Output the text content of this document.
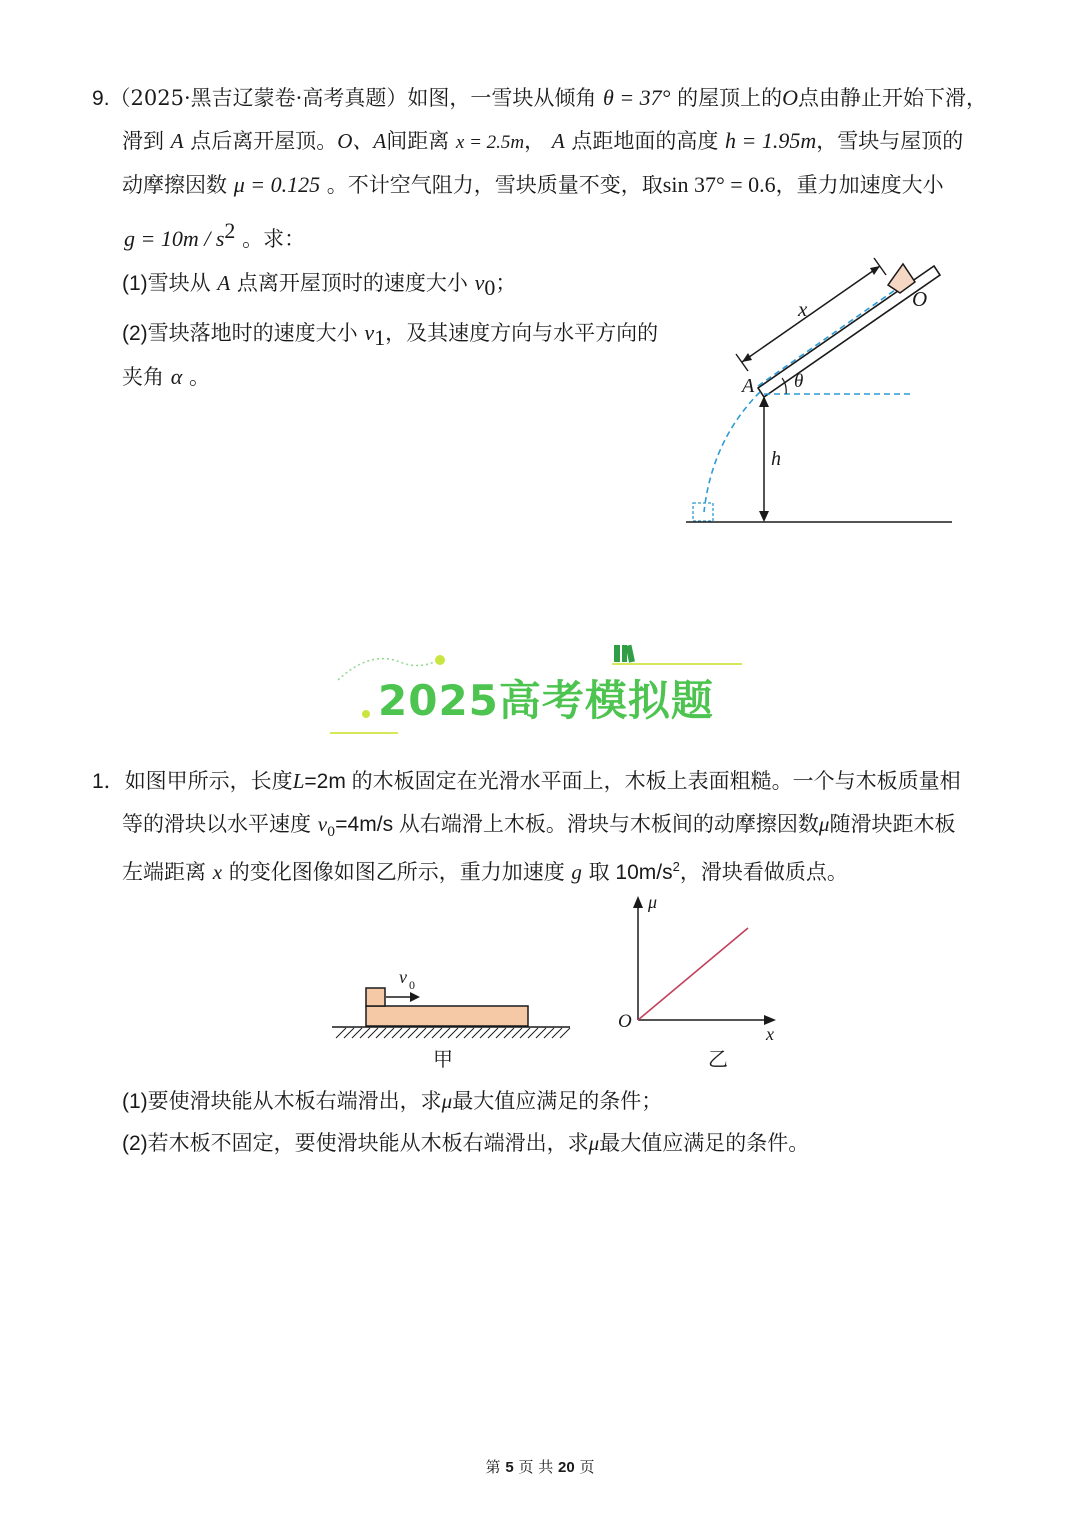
9.（2025·黑吉辽蒙卷·高考真题）如图，一雪块从倾角 θ = 37° 的屋顶上的O点由静止开始下滑，
滑到 A 点后离开屋顶。O、A间距离 x = 2.5m， A 点距地面的高度 h = 1.95m，雪块与屋顶的
动摩擦因数 μ = 0.125 。不计空气阻力，雪块质量不变，取sin 37° = 0.6，重力加速度大小
$g = 10m / s^2$ 。求：
(1)雪块从 A 点离开屋顶时的速度大小 $v_0$；
(2)雪块落地时的速度大小 $v_1$，及其速度方向与水平方向的
夹角 α 。
x	O
A θ
h
2025高考模拟题
1．如图甲所示，长度L=2m 的木板固定在光滑水平面上，木板上表面粗糙。一个与木板质量相
等的滑块以水平速度 $v_0=4m/s$ 从右端滑上木板。滑块与木板间的动摩擦因数μ随滑块距木板
左端距离 x 的变化图像如图乙所示，重力加速度 g 取 $10m/s^2$，滑块看做质点。
v 0
甲
μ
O
x
乙
(1)要使滑块能从木板右端滑出，求μ最大值应满足的条件；
(2)若木板不固定，要使滑块能从木板右端滑出，求μ最大值应满足的条件。
第 5 页 共 20 页
